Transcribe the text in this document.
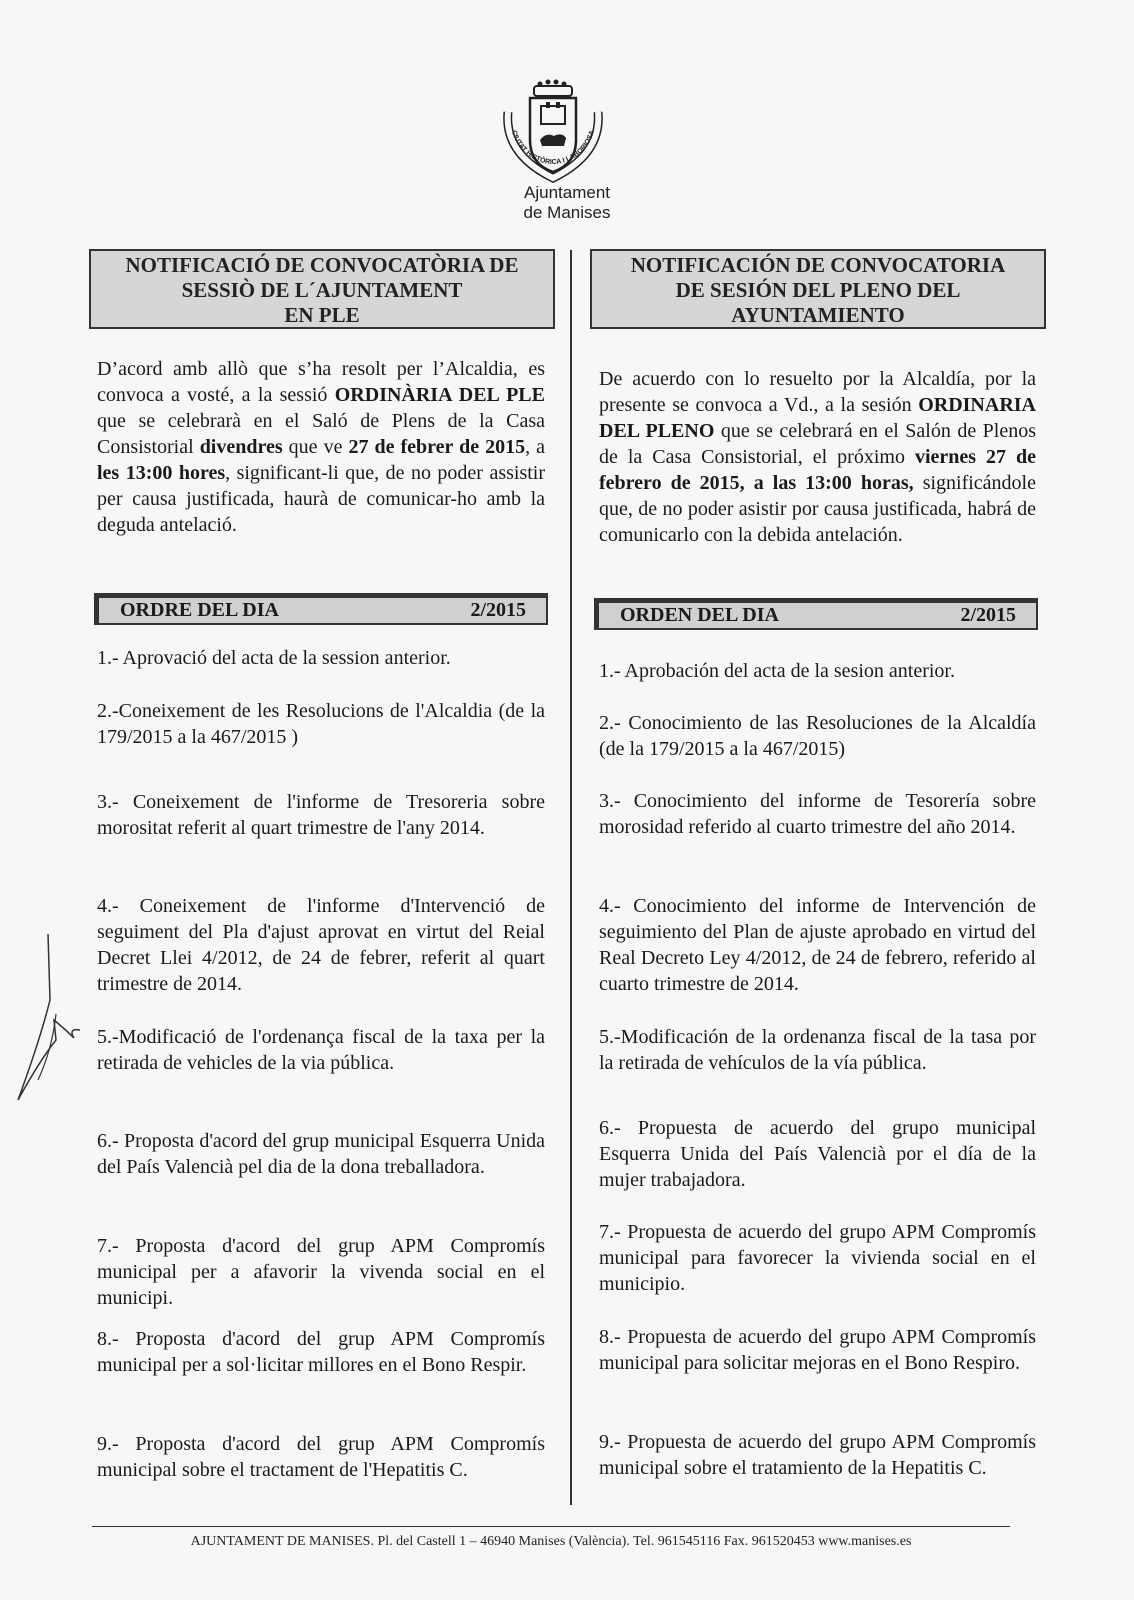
CIUTAT HISTÒRICA I LABORIOSA
Ajuntament
de Manises
NOTIFICACIÓ DE CONVOCATÒRIA DE
SESSIÒ DE L´AJUNTAMENT
EN PLE
NOTIFICACIÓN DE CONVOCATORIA
DE SESIÓN DEL PLENO DEL
AYUNTAMIENTO
D’acord amb allò que s’ha resolt per l’Alcaldia, es convoca a vosté, a la sessió ORDINÀRIA DEL PLE que se celebrarà en el Saló de Plens de la Casa Consistorial divendres que ve 27 de febrer de 2015, a les 13:00 hores, significant-li que, de no poder assistir per causa justificada, haurà de comunicar-ho amb la deguda antelació.
De acuerdo con lo resuelto por la Alcaldía, por la presente se convoca a Vd., a la sesión ORDINARIA DEL PLENO que se celebrará en el Salón de Plenos de la Casa Consistorial, el próximo viernes 27 de febrero de 2015, a las 13:00 horas, significándole que, de no poder asistir por causa justificada, habrá de comunicarlo con la debida antelación.
ORDRE DEL DIA	2/2015	ORDEN DEL DIA	2/2015
1.- Aprovació del acta de la session anterior.
2.-Coneixement de les Resolucions de l'Alcaldia (de la 179/2015 a la 467/2015 )
3.- Coneixement de l'informe de Tresoreria sobre morositat referit al quart trimestre de l'any 2014.
4.- Coneixement de l'informe d'Intervenció de seguiment del Pla d'ajust aprovat en virtut del Reial Decret Llei 4/2012, de 24 de febrer, referit al quart trimestre de 2014.
5.-Modificació de l'ordenança fiscal de la taxa per la retirada de vehicles de la via pública.
6.- Proposta d'acord del grup municipal Esquerra Unida del País Valencià pel dia de la dona treballadora.
7.- Proposta d'acord del grup APM Compromís municipal per a afavorir la vivenda social en el municipi.
8.- Proposta d'acord del grup APM Compromís municipal per a sol·licitar millores en el Bono Respir.
9.- Proposta d'acord del grup APM Compromís municipal sobre el tractament de l'Hepatitis C.
1.- Aprobación del acta de la sesion anterior.
2.- Conocimiento de las Resoluciones de la Alcaldía (de la 179/2015 a la 467/2015)
3.- Conocimiento del informe de Tesorería sobre morosidad referido al cuarto trimestre del año 2014.
4.- Conocimiento del informe de Intervención de seguimiento del Plan de ajuste aprobado en virtud del Real Decreto Ley 4/2012, de 24 de febrero, referido al cuarto trimestre de 2014.
5.-Modificación de la ordenanza fiscal de la tasa por la retirada de vehículos de la vía pública.
6.- Propuesta de acuerdo del grupo municipal Esquerra Unida del País Valencià por el día de la mujer trabajadora.
7.- Propuesta de acuerdo del grupo APM Compromís municipal para favorecer la vivienda social en el municipio.
8.- Propuesta de acuerdo del grupo APM Compromís municipal para solicitar mejoras en el Bono Respiro.
9.- Propuesta de acuerdo del grupo APM Compromís municipal sobre el tratamiento de la Hepatitis C.
AJUNTAMENT DE MANISES. Pl. del Castell 1 – 46940 Manises (València). Tel. 961545116 Fax. 961520453 www.manises.es
